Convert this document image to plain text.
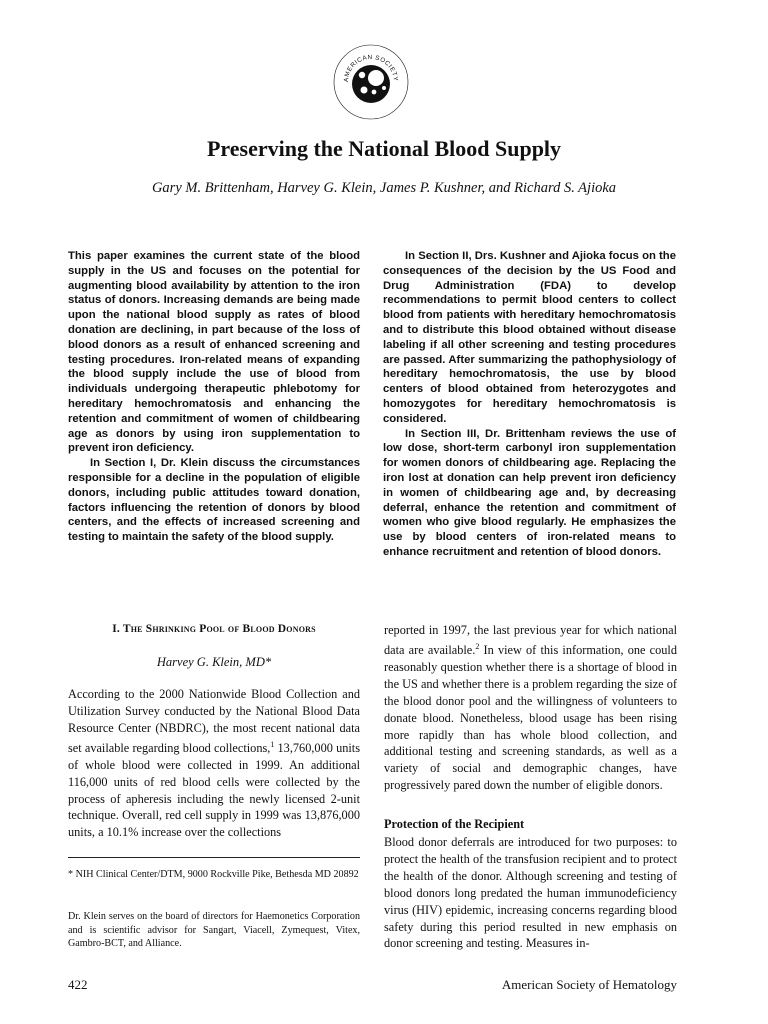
AMERICAN SOCIETY
Preserving the National Blood Supply
Gary M. Brittenham, Harvey G. Klein, James P. Kushner, and Richard S. Ajioka

This paper examines the current state of the blood supply in the US and focuses on the potential for augmenting blood availability by attention to the iron status of donors. Increasing demands are being made upon the national blood supply as rates of blood donation are declining, in part because of the loss of blood donors as a result of enhanced screening and testing procedures. Iron-related means of expanding the blood supply include the use of blood from individuals undergoing therapeutic phlebotomy for hereditary hemochromatosis and enhancing the retention and commitment of women of childbearing age as donors by using iron supplementation to prevent iron deficiency.

In Section I, Dr. Klein discuss the circumstances responsible for a decline in the population of eligible donors, including public attitudes toward donation, factors influencing the retention of donors by blood centers, and the effects of increased screening and testing to maintain the safety of the blood supply.

In Section II, Drs. Kushner and Ajioka focus on the consequences of the decision by the US Food and Drug Administration (FDA) to develop recommendations to permit blood centers to collect blood from patients with hereditary hemochromatosis and to distribute this blood obtained without disease labeling if all other screening and testing procedures are passed. After summarizing the pathophysiology of hereditary hemochromatosis, the use by blood centers of blood obtained from heterozygotes and homozygotes for hereditary hemochromatosis is considered.

In Section III, Dr. Brittenham reviews the use of low dose, short-term carbonyl iron supplementation for women donors of childbearing age. Replacing the iron lost at donation can help prevent iron deficiency in women of childbearing age and, by decreasing deferral, enhance the retention and commitment of women who give blood regularly. He emphasizes the use by blood centers of iron-related means to enhance recruitment and retention of blood donors.

I. The Shrinking Pool of Blood Donors
Harvey G. Klein, MD*

According to the 2000 Nationwide Blood Collection and Utilization Survey conducted by the National Blood Data Resource Center (NBDRC), the most recent national data set available regarding blood collections,$^1$ 13,760,000 units of whole blood were collected in 1999. An additional 116,000 units of red blood cells were collected by the process of apheresis including the newly licensed 2-unit technique. Overall, red cell supply in 1999 was 13,876,000 units, a 10.1% increase over the collections

* NIH Clinical Center/DTM, 9000 Rockville Pike, Bethesda MD 20892
Dr. Klein serves on the board of directors for Haemonetics Corporation and is scientific advisor for Sangart, Viacell, Zymequest, Vitex, Gambro-BCT, and Alliance.

reported in 1997, the last previous year for which national data are available.$^2$ In view of this information, one could reasonably question whether there is a shortage of blood in the US and whether there is a problem regarding the size of the blood donor pool and the willingness of volunteers to donate blood. Nonetheless, blood usage has been rising more rapidly than has whole blood collection, and additional testing and screening standards, as well as a variety of social and demographic changes, have progressively pared down the number of eligible donors.

Protection of the Recipient

Blood donor deferrals are introduced for two purposes: to protect the health of the transfusion recipient and to protect the health of the donor. Although screening and testing of blood donors long predated the human immunodeficiency virus (HIV) epidemic, increasing concerns regarding blood safety during this period resulted in new emphasis on donor screening and testing. Measures in-

422	American Society of Hematology
